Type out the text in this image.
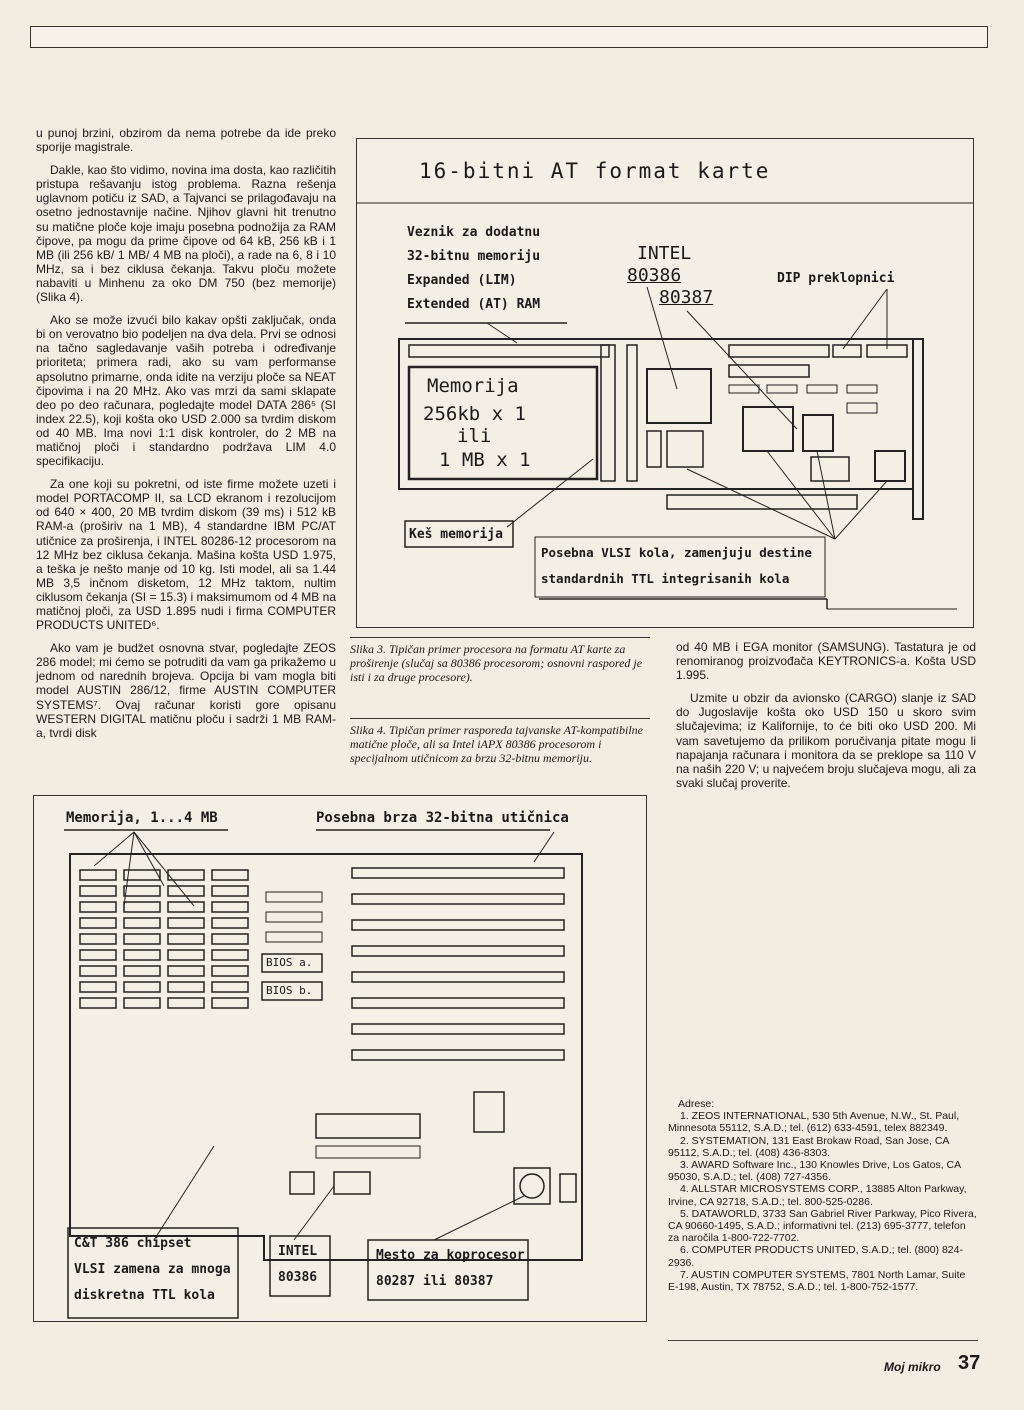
u punoj brzini, obzirom da nema potrebe da ide preko sporije magistrale.

Dakle, kao što vidimo, novina ima dosta, kao različitih pristupa rešavanju istog problema. Razna rešenja uglavnom potiču iz SAD, a Tajvanci se prilagođavaju na osetno jednostavnije načine. Njihov glavni hit trenutno su matične ploče koje imaju posebna podnožija za RAM čipove, pa mogu da prime čipove od 64 kB, 256 kB i 1 MB (ili 256 kB/ 1 MB/ 4 MB na ploči), a rade na 6, 8 i 10 MHz, sa i bez ciklusa čekanja. Takvu ploču možete nabaviti u Minhenu za oko DM 750 (bez memorije) (Slika 4).

Ako se može izvući bilo kakav opšti zaključak, onda bi on verovatno bio podeljen na dva dela. Prvi se odnosi na tačno sagledavanje vaših potreba i određivanje prioriteta; primera radi, ako su vam performanse apsolutno primarne, onda idite na verziju ploče sa NEAT čipovima i na 20 MHz. Ako vas mrzi da sami sklapate deo po deo računara, pogledajte model DATA 286⁵ (SI index 22.5), koji košta oko USD 2.000 sa tvrdim diskom od 40 MB. Ima novi 1:1 disk kontroler, do 2 MB na matičnoj ploči i standardno podržava LIM 4.0 specifikaciju.

Za one koji su pokretni, od iste firme možete uzeti i model PORTACOMP II, sa LCD ekranom i rezolucijom od 640 × 400, 20 MB tvrdim diskom (39 ms) i 512 kB RAM-a (proširiv na 1 MB), 4 standardne IBM PC/AT utičnice za proširenja, i INTEL 80286-12 procesorom na 12 MHz bez ciklusa čekanja. Mašina košta USD 1.975, a teška je nešto manje od 10 kg. Isti model, ali sa 1.44 MB 3,5 inčnom disketom, 12 MHz taktom, nultim ciklusom čekanja (SI = 15.3) i maksimumom od 4 MB na matičnoj ploči, za USD 1.895 nudi i firma COMPUTER PRODUCTS UNITED⁶.

Ako vam je budžet osnovna stvar, pogledajte ZEOS 286 model; mi ćemo se potruditi da vam ga prikažemo u jednom od narednih brojeva. Opcija bi vam mogla biti model AUSTIN 286/12, firme AUSTIN COMPUTER SYSTEMS⁷. Ovaj računar koristi gore opisanu WESTERN DIGITAL matičnu ploču i sadrži 1 MB RAM-a, tvrdi disk

16-bitni AT format karte
Veznik za dodatnu
32-bitnu memoriju
Expanded (LIM)
Extended (AT) RAM
INTEL
80386
80387
DIP prekl​opnici
Memorija
256kb x 1
ili
1 MB x 1
Keš memorija
Posebna VLSI kola, zamenjuju destine
standardnih TTL integrisanih kola
Slika 3. Tipičan primer procesora na formatu AT karte za proširenje (slučaj sa 80386 procesorom; osnovni raspored je isti i za druge procesore).
Slika 4. Tipičan primer rasporeda tajvanske AT-kompatibilne matične ploče, ali sa Intel iAPX 80386 procesorom i specijalnom utičnicom za brzu 32-bitnu memoriju.

od 40 MB i EGA monitor (SAMSUNG). Tastatura je od renomiranog proizvođača KEYTRONICS-a. Košta USD 1.995.

Uzmite u obzir da avionsko (CARGO) slanje iz SAD do Jugoslavije košta oko USD 150 u skoro svim slučajevima; iz Kalifornije, to će biti oko USD 200. Mi vam savetujemo da prilikom poručivanja pitate mogu li napajanja računara i monitora da se preklope sa 110 V na naših 220 V; u najvećem broju slučajeva mogu, ali za svaki slučaj proverite.

Memorija, 1...4 MB	Posebna brza 32-bitna utičnica
BIOS a.
BIOS b.
C&T 386 chipset
VLSI zamena za mnoga
diskretna TTL kola
INTEL
80386
Mesto za koprocesor
80287 ili 80387
Adrese:

1. ZEOS INTERNATIONAL, 530 5th Avenue, N.W., St. Paul, Minnesota 55112, S.A.D.; tel. (612) 633-4591, telex 882349.

2. SYSTEMATION, 131 East Brokaw Road, San Jose, CA 95112, S.A.D.; tel. (408) 436-8303.

3. AWARD Software Inc., 130 Knowles Drive, Los Gatos, CA 95030, S.A.D.; tel. (408) 727-4356.

4. ALLSTAR MICROSYSTEMS CORP., 13885 Alton Parkway, Irvine, CA 92718, S.A.D.; tel. 800-525-0286.

5. DATAWORLD, 3733 San Gabriel River Parkway, Pico Rivera, CA 90660-1495, S.A.D.; informativni tel. (213) 695-3777, telefon za naročila 1-800-722-7702.

6. COMPUTER PRODUCTS UNITED, S.A.D.; tel. (800) 824-2936.

7. AUSTIN COMPUTER SYSTEMS, 7801 North Lamar, Suite E-198, Austin, TX 78752, S.A.D.; tel. 1-800-752-1577.

Moj mikro 37
